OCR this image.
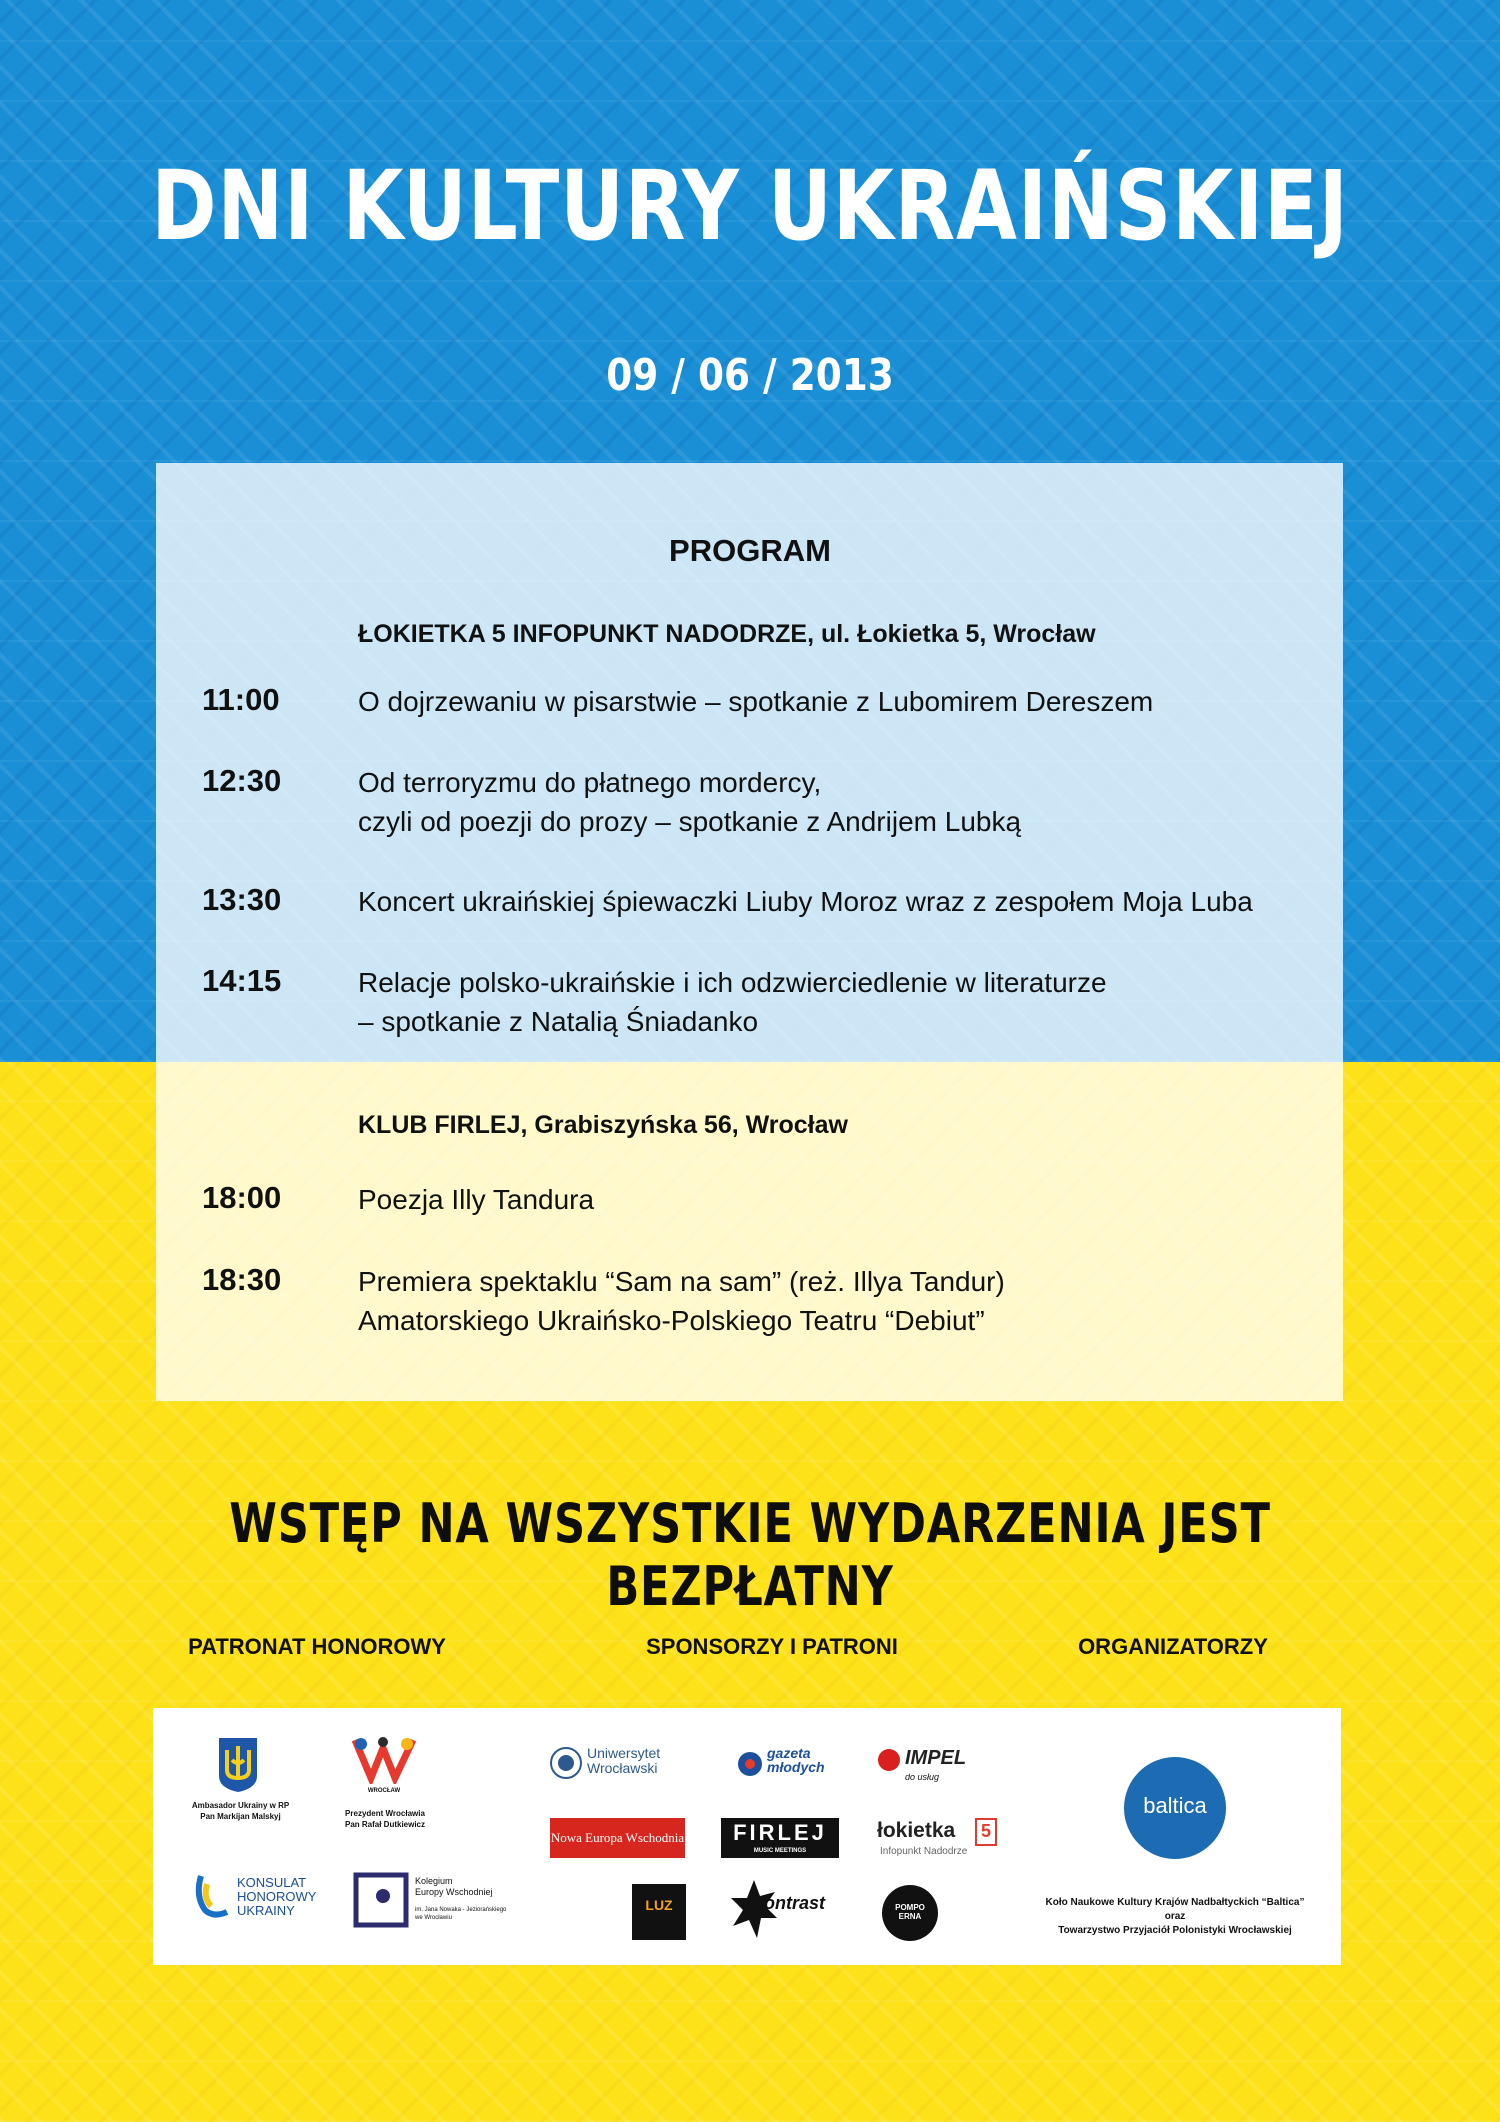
DNI KULTURY UKRAIŃSKIEJ
09 / 06 / 2013
PROGRAM
ŁOKIETKA 5 INFOPUNKT NADODRZE, ul. Łokietka 5, Wrocław
11:00	O dojrzewaniu w pisarstwie – spotkanie z Lubomirem Dereszem
12:30	Od terroryzmu do płatnego mordercy,
czyli od poezji do prozy – spotkanie z Andrijem Lubką
13:30	Koncert ukraińskiej śpiewaczki Liuby Moroz wraz z zespołem Moja Luba
14:15	Relacje polsko-ukraińskie i ich odzwierciedlenie w literaturze
– spotkanie z Natalią Śniadanko
KLUB FIRLEJ, Grabiszyńska 56, Wrocław
18:00	Poezja Illy Tandura
18:30	Premiera spektaklu “Sam na sam” (reż. Illya Tandur)
Amatorskiego Ukraińsko-Polskiego Teatru “Debiut”
WSTĘP NA WSZYSTKIE WYDARZENIA JEST BEZPŁATNY
PATRONAT HONOROWY	SPONSORZY I PATRONI	ORGANIZATORZY
Ambasador Ukrainy w RP
Pan Markijan Malskyj
WROCŁAW
Prezydent Wrocławia
Pan Rafał Dutkiewicz
KONSULAT
HONOROWY
UKRAINY
Kolegium
Europy Wschodniej
im. Jana Nowaka - Jeziorańskiego
we Wrocławiu
Uniwersytet
Wrocławski
gazeta
młodych	IMPEL
do usług
Nowa Europa Wschodnia	FIRLEJ
MUSIC MEETINGS
łokietka	5
Infopunkt Nadodrze
LUZ	Kontrast	POMPO
ERNA
baltica
Koło Naukowe Kultury Krajów Nadbałtyckich “Baltica”
oraz
Towarzystwo Przyjaciół Polonistyki Wrocławskiej
